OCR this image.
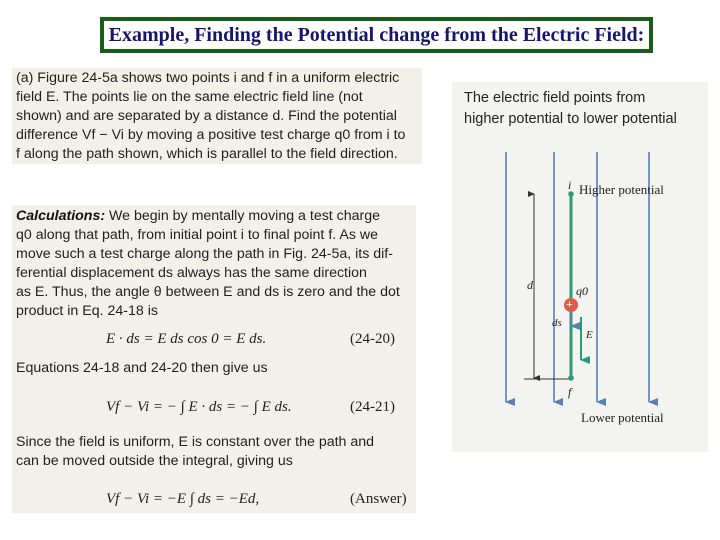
Example, Finding the Potential change from the Electric Field:
(a) Figure 24-5a shows two points i and f in a uniform electric
field E. The points lie on the same electric field line (not
shown) and are separated by a distance d. Find the potential
difference Vf − Vi by moving a positive test charge q0 from i to
f along the path shown, which is parallel to the field direction.
Calculations: We begin by mentally moving a test charge
q0 along that path, from initial point i to final point f. As we
move such a test charge along the path in Fig. 24-5a, its dif-
ferential displacement ds always has the same direction
as E. Thus, the angle θ between E and ds is zero and the dot
product in Eq. 24-18 is
E · ds = E ds cos 0 = E ds.	(24-20)
Equations 24-18 and 24-20 then give us
Vf − Vi = − ∫ E · ds = − ∫ E ds.	(24-21)
Since the field is uniform, E is constant over the path and
can be moved outside the integral, giving us
Vf − Vi = −E ∫ ds = −Ed,	(Answer)
The electric field points from
higher potential to lower potential
i Higher potential
d	q0
+
ds
E
f
Lower potential
